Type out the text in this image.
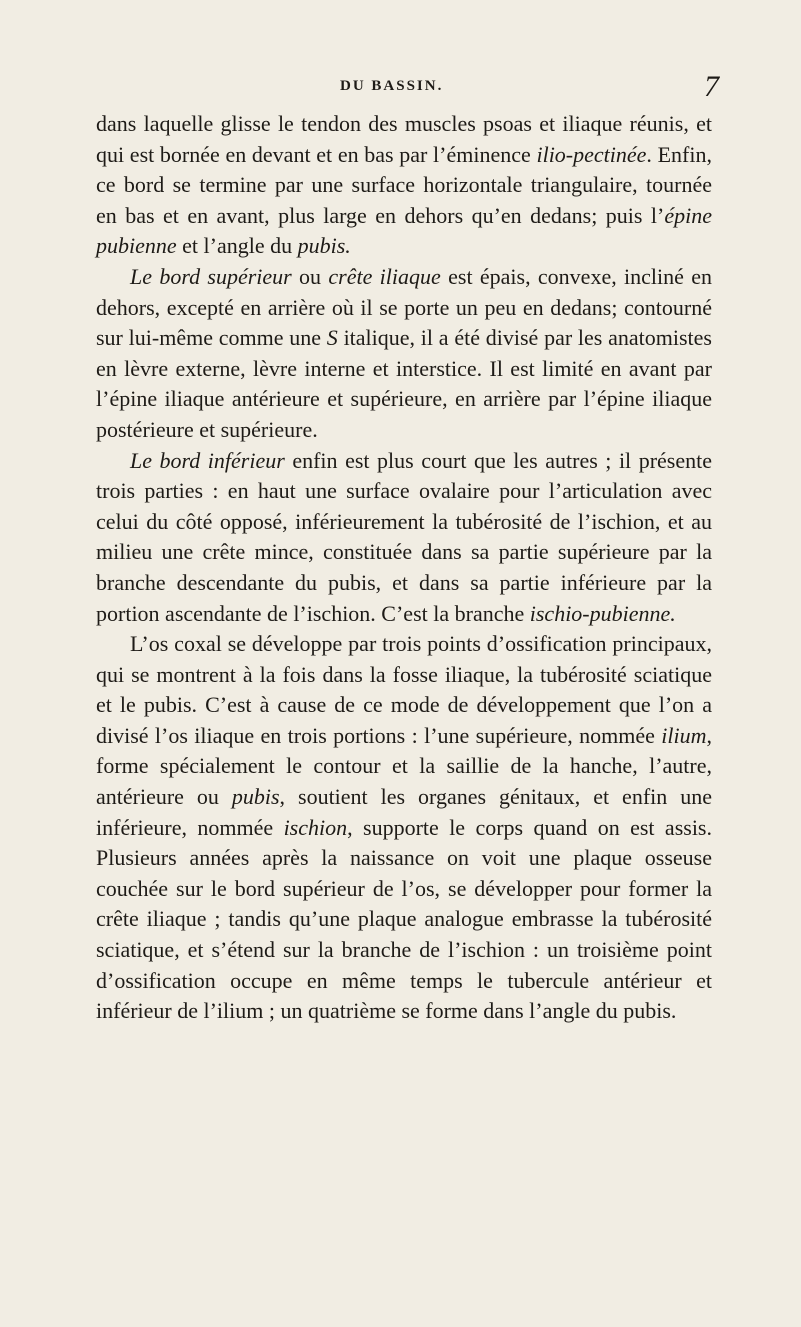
DU BASSIN.	7

dans laquelle glisse le tendon des muscles psoas et iliaque réunis, et qui est bornée en devant et en bas par l’éminence ilio-pectinée. Enfin, ce bord se termine par une surface horizontale triangulaire, tournée en bas et en avant, plus large en dehors qu’en dedans; puis l’épine pubienne et l’angle du pubis.

Le bord supérieur ou crête iliaque est épais, convexe, incliné en dehors, excepté en arrière où il se porte un peu en dedans; contourné sur lui-même comme une S italique, il a été divisé par les anatomistes en lèvre externe, lèvre interne et interstice. Il est limité en avant par l’épine iliaque antérieure et supérieure, en arrière par l’épine iliaque postérieure et supérieure.

Le bord inférieur enfin est plus court que les autres ; il présente trois parties : en haut une surface ovalaire pour l’articulation avec celui du côté opposé, inférieurement la tubérosité de l’ischion, et au milieu une crête mince, constituée dans sa partie supérieure par la branche descendante du pubis, et dans sa partie inférieure par la portion ascendante de l’ischion. C’est la branche ischio-pubienne.

L’os coxal se développe par trois points d’ossification principaux, qui se montrent à la fois dans la fosse iliaque, la tubérosité sciatique et le pubis. C’est à cause de ce mode de développement que l’on a divisé l’os iliaque en trois portions : l’une supérieure, nommée ilium, forme spécialement le contour et la saillie de la hanche, l’autre, antérieure ou pubis, soutient les organes génitaux, et enfin une inférieure, nommée ischion, supporte le corps quand on est assis. Plusieurs années après la naissance on voit une plaque osseuse couchée sur le bord supérieur de l’os, se développer pour former la crête iliaque ; tandis qu’une plaque analogue embrasse la tubérosité sciatique, et s’étend sur la branche de l’ischion : un troisième point d’ossification occupe en même temps le tubercule antérieur et inférieur de l’ilium ; un quatrième se forme dans l’angle du pubis.
